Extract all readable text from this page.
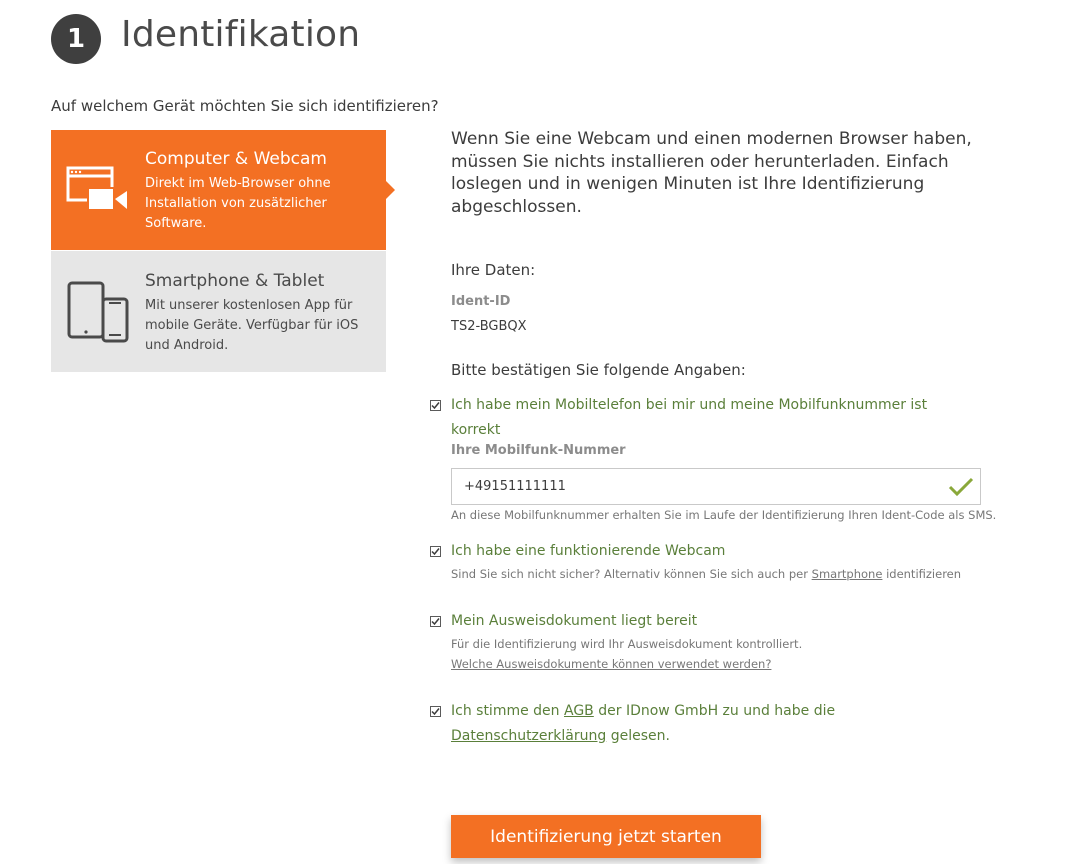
1 Identifikation
Auf welchem Gerät möchten Sie sich identifizieren?
Computer & Webcam
Direkt im Web-Browser ohne Installation von zusätzlicher Software.
Smartphone & Tablet
Mit unserer kostenlosen App für mobile Geräte. Verfügbar für iOS und Android.
Wenn Sie eine Webcam und einen modernen Browser haben, müssen Sie nichts installieren oder herunterladen. Einfach loslegen und in wenigen Minuten ist Ihre Identifizierung abgeschlossen.
Ihre Daten:
Ident-ID
TS2-BGBQX
Bitte bestätigen Sie folgende Angaben:
Ich habe mein Mobiltelefon bei mir und meine Mobilfunknummer ist korrekt
Ihre Mobilfunk-Nummer
+49151111111
An diese Mobilfunknummer erhalten Sie im Laufe der Identifizierung Ihren Ident-Code als SMS.
Ich habe eine funktionierende Webcam
Sind Sie sich nicht sicher? Alternativ können Sie sich auch per Smartphone identifizieren
Mein Ausweisdokument liegt bereit
Für die Identifizierung wird Ihr Ausweisdokument kontrolliert.
Welche Ausweisdokumente können verwendet werden?
Ich stimme den AGB der IDnow GmbH zu und habe die Datenschutzerklärung gelesen.
Identifizierung jetzt starten
